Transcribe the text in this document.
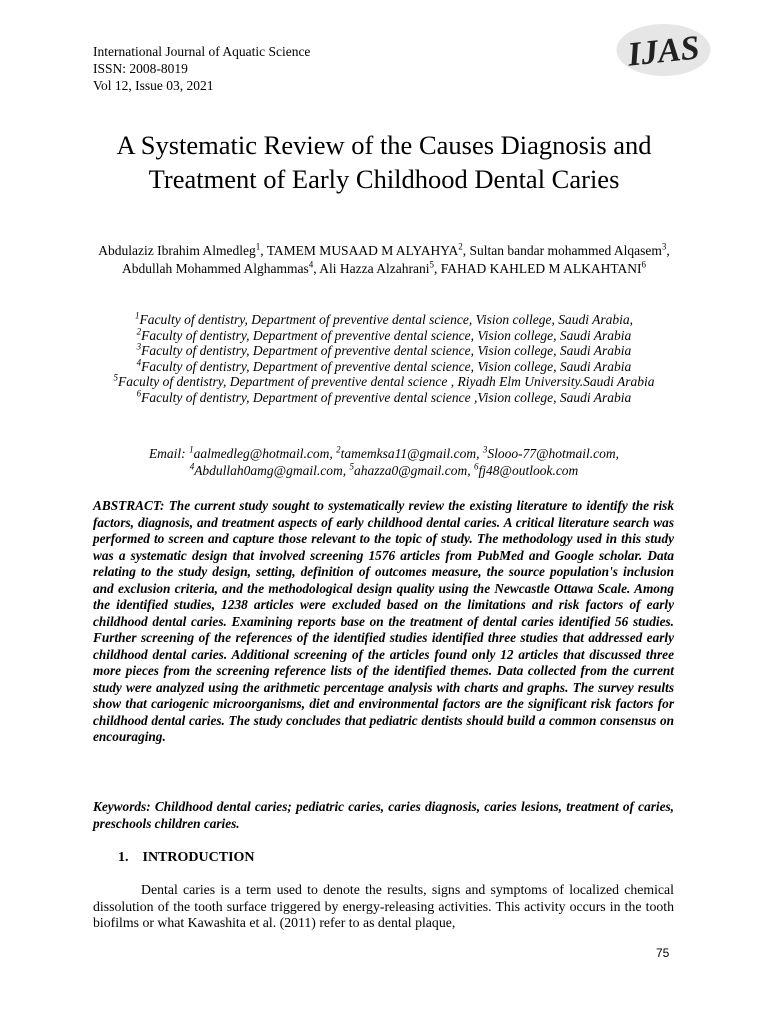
International Journal of Aquatic Science
ISSN: 2008-8019
Vol 12, Issue 03, 2021
IJAS
A Systematic Review of the Causes Diagnosis and Treatment of Early Childhood Dental Caries
Abdulaziz Ibrahim Almedleg$^1$, TAMEM MUSAAD M ALYAHYA$^2$, Sultan bandar mohammed Alqasem$^3$, Abdullah Mohammed Alghammas$^4$, Ali Hazza Alzahrani$^5$, FAHAD KAHLED M ALKAHTANI$^6$
$^1$Faculty of dentistry, Department of preventive dental science, Vision college, Saudi Arabia,
$^2$Faculty of dentistry, Department of preventive dental science, Vision college, Saudi Arabia
$^3$Faculty of dentistry, Department of preventive dental science, Vision college, Saudi Arabia
$^4$Faculty of dentistry, Department of preventive dental science, Vision college, Saudi Arabia
$^5$Faculty of dentistry, Department of preventive dental science , Riyadh Elm University.Saudi Arabia
$^6$Faculty of dentistry, Department of preventive dental science ,Vision college, Saudi Arabia
Email: $^1$aalmedleg@hotmail.com, $^2$tamemksa11@gmail.com, $^3$Slooo-77@hotmail.com,
$^4$Abdullah0amg@gmail.com, $^5$ahazza0@gmail.com, $^6$fj48@outlook.com

ABSTRACT: The current study sought to systematically review the existing literature to identify the risk factors, diagnosis, and treatment aspects of early childhood dental caries. A critical literature search was performed to screen and capture those relevant to the topic of study. The methodology used in this study was a systematic design that involved screening 1576 articles from PubMed and Google scholar. Data relating to the study design, setting, definition of outcomes measure, the source population's inclusion and exclusion criteria, and the methodological design quality using the Newcastle Ottawa Scale. Among the identified studies, 1238 articles were excluded based on the limitations and risk factors of early childhood dental caries. Examining reports base on the treatment of dental caries identified 56 studies. Further screening of the references of the identified studies identified three studies that addressed early childhood dental caries. Additional screening of the articles found only 12 articles that discussed three more pieces from the screening reference lists of the identified themes. Data collected from the current study were analyzed using the arithmetic percentage analysis with charts and graphs. The survey results show that cariogenic microorganisms, diet and environmental factors are the significant risk factors for childhood dental caries. The study concludes that pediatric dentists should build a common consensus on encouraging.

Keywords: Childhood dental caries; pediatric caries, caries diagnosis, caries lesions, treatment of caries, preschools children caries.

1. INTRODUCTION

Dental caries is a term used to denote the results, signs and symptoms of localized chemical dissolution of the tooth surface triggered by energy-releasing activities. This activity occurs in the tooth biofilms or what Kawashita et al. (2011) refer to as dental plaque,

75
